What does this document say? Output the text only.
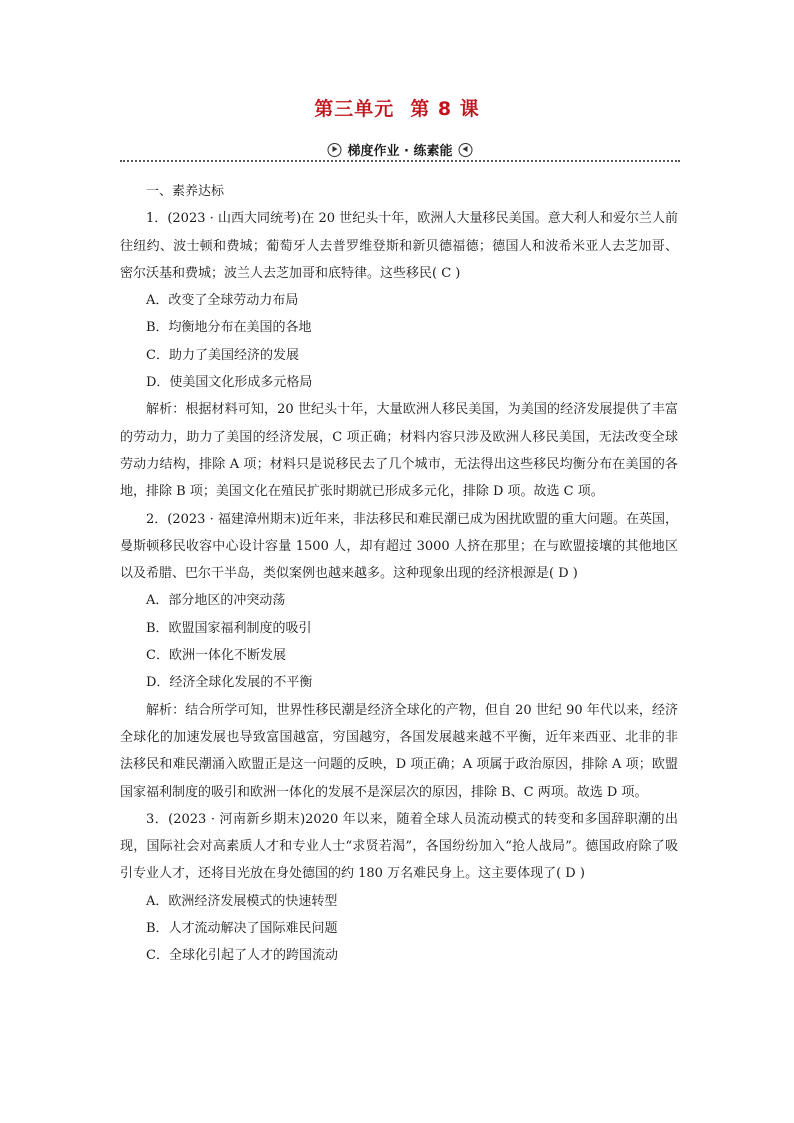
第三单元 第 8 课
梯度作业 · 练素能

一、素养达标

1．(2023 · 山西大同统考)在 20 世纪头十年，欧洲人大量移民美国。意大利人和爱尔兰人前往纽约、波士顿和费城；葡萄牙人去普罗维登斯和新贝德福德；德国人和波希米亚人去芝加哥、密尔沃基和费城；波兰人去芝加哥和底特律。这些移民( C )

A．改变了全球劳动力布局

B．均衡地分布在美国的各地

C．助力了美国经济的发展

D．使美国文化形成多元格局

解析：根据材料可知，20 世纪头十年，大量欧洲人移民美国，为美国的经济发展提供了丰富的劳动力，助力了美国的经济发展，C 项正确；材料内容只涉及欧洲人移民美国，无法改变全球劳动力结构，排除 A 项；材料只是说移民去了几个城市，无法得出这些移民均衡分布在美国的各地，排除 B 项；美国文化在殖民扩张时期就已形成多元化，排除 D 项。故选 C 项。

2．(2023 · 福建漳州期末)近年来，非法移民和难民潮已成为困扰欧盟的重大问题。在英国，曼斯顿移民收容中心设计容量 1500 人，却有超过 3000 人挤在那里；在与欧盟接壤的其他地区以及希腊、巴尔干半岛，类似案例也越来越多。这种现象出现的经济根源是( D )

A．部分地区的冲突动荡

B．欧盟国家福利制度的吸引

C．欧洲一体化不断发展

D．经济全球化发展的不平衡

解析：结合所学可知，世界性移民潮是经济全球化的产物，但自 20 世纪 90 年代以来，经济全球化的加速发展也导致富国越富，穷国越穷，各国发展越来越不平衡，近年来西亚、北非的非法移民和难民潮涌入欧盟正是这一问题的反映，D 项正确；A 项属于政治原因，排除 A 项；欧盟国家福利制度的吸引和欧洲一体化的发展不是深层次的原因，排除 B、C 两项。故选 D 项。

3．(2023 · 河南新乡期末)2020 年以来，随着全球人员流动模式的转变和多国辞职潮的出现，国际社会对高素质人才和专业人士“求贤若渴”，各国纷纷加入“抢人战局”。德国政府除了吸引专业人才，还将目光放在身处德国的约 180 万名难民身上。这主要体现了( D )

A．欧洲经济发展模式的快速转型

B．人才流动解决了国际难民问题

C．全球化引起了人才的跨国流动
